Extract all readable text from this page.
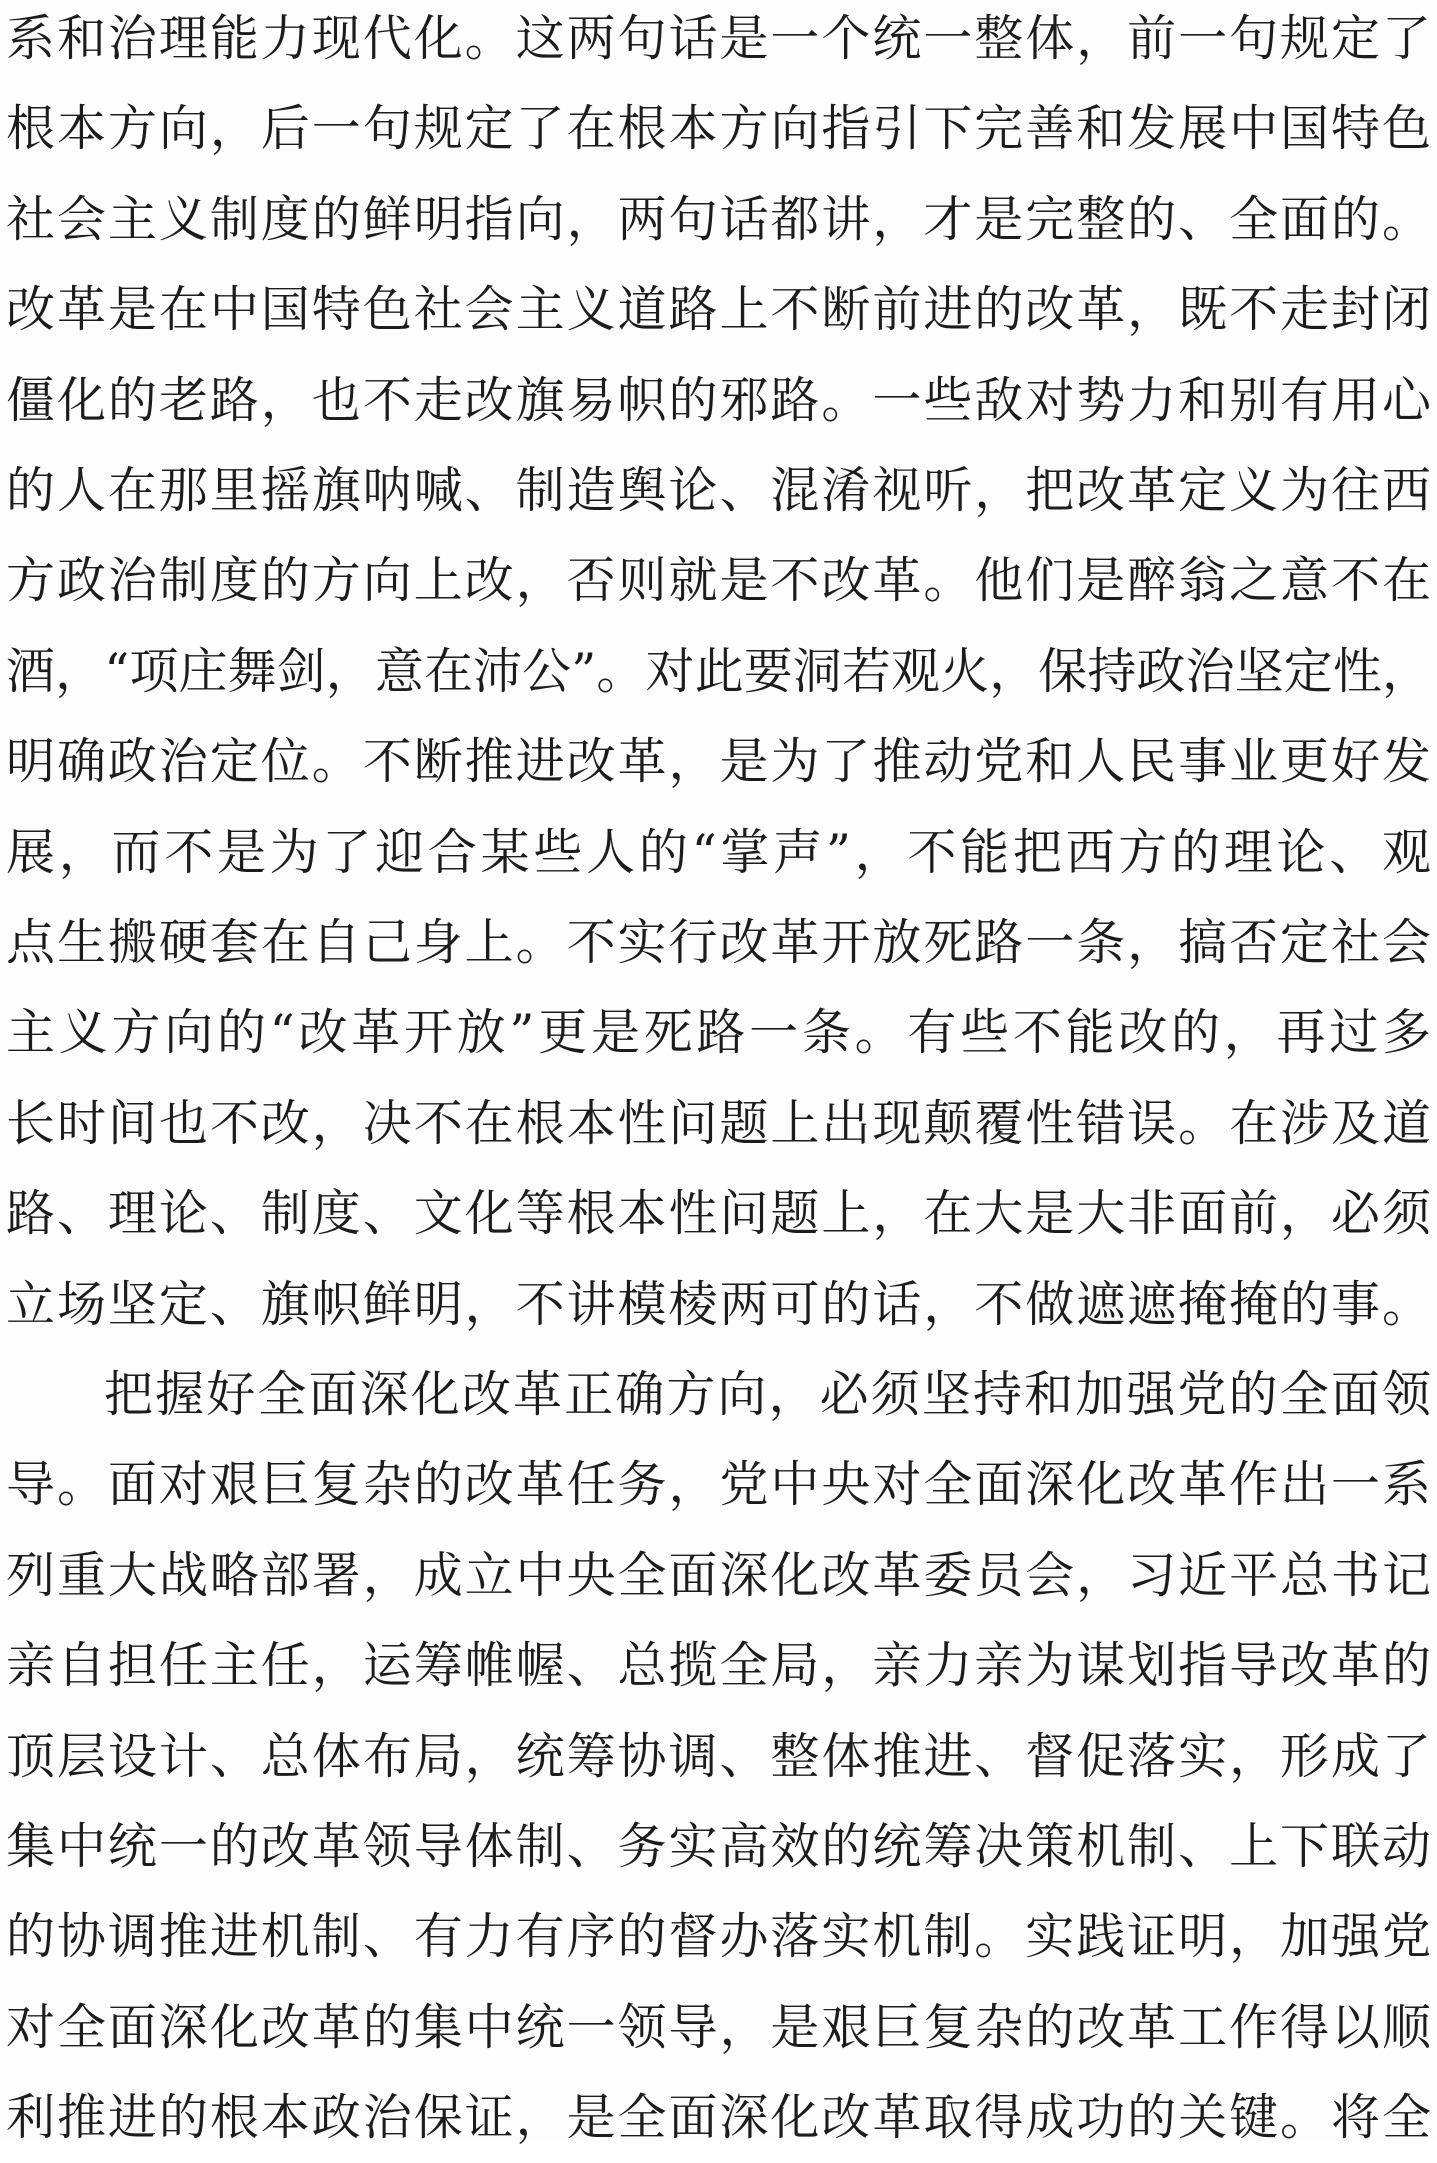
系和治理能力现代化。这两句话是一个统一整体，前一句规定了
根本方向，后一句规定了在根本方向指引下完善和发展中国特色
社会主义制度的鲜明指向，两句话都讲，才是完整的、全面的。
改革是在中国特色社会主义道路上不断前进的改革，既不走封闭
僵化的老路，也不走改旗易帜的邪路。一些敌对势力和别有用心
的人在那里摇旗呐喊、制造舆论、混淆视听，把改革定义为往西
方政治制度的方向上改，否则就是不改革。他们是醉翁之意不在
酒，“项庄舞剑，意在沛公”。对此要洞若观火，保持政治坚定性，
明确政治定位。不断推进改革，是为了推动党和人民事业更好发
展，而不是为了迎合某些人的“掌声”，不能把西方的理论、观
点生搬硬套在自己身上。不实行改革开放死路一条，搞否定社会
主义方向的“改革开放”更是死路一条。有些不能改的，再过多
长时间也不改，决不在根本性问题上出现颠覆性错误。在涉及道
路、理论、制度、文化等根本性问题上，在大是大非面前，必须
立场坚定、旗帜鲜明，不讲模棱两可的话，不做遮遮掩掩的事。
把握好全面深化改革正确方向，必须坚持和加强党的全面领
导。面对艰巨复杂的改革任务，党中央对全面深化改革作出一系
列重大战略部署，成立中央全面深化改革委员会，习近平总书记
亲自担任主任，运筹帷幄、总揽全局，亲力亲为谋划指导改革的
顶层设计、总体布局，统筹协调、整体推进、督促落实，形成了
集中统一的改革领导体制、务实高效的统筹决策机制、上下联动
的协调推进机制、有力有序的督办落实机制。实践证明，加强党
对全面深化改革的集中统一领导，是艰巨复杂的改革工作得以顺
利推进的根本政治保证，是全面深化改革取得成功的关键。将全
